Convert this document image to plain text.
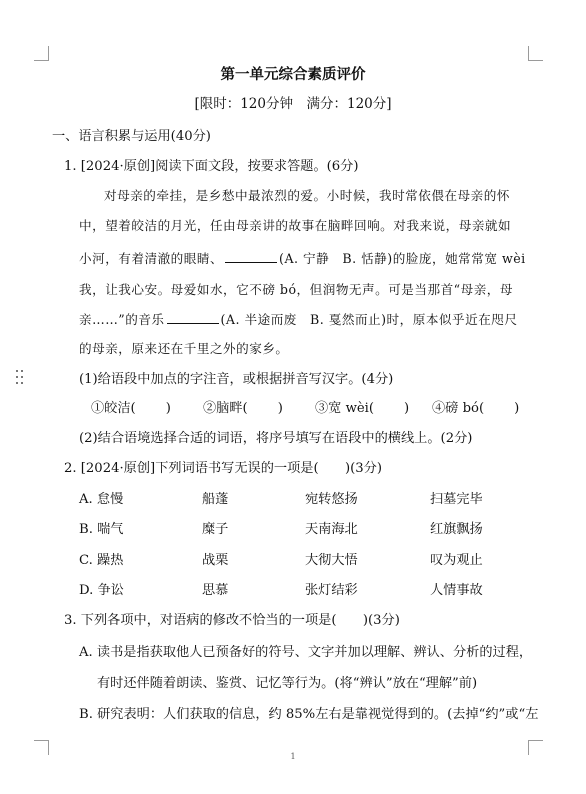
第一单元综合素质评价
[限时：120分钟　满分：120分]
一、语言积累与运用(40分)
1. [2024·原创]阅读下面文段，按要求答题。(6分)
对母亲的牵挂，是乡愁中最浓烈的爱。小时候，我时常依偎在母亲的怀
中，望着皎洁的月光，任由母亲讲的故事在脑畔回响。对我来说，母亲就如
小河，有着清澈的眼睛、	(A. 宁静　B. 恬静)的脸庞，她常常宽 wèi
我，让我心安。母爱如水，它不磅 bó，但润物无声。可是当那首“母亲，母
亲……”的音乐	(A. 半途而废　B. 戛然而止)时，原本似乎近在咫尺
的母亲，原来还在千里之外的家乡。
(1)给语段中加点的字注音，或根据拼音写汉字。(4分)
①皎洁( ) ②脑畔( ) ③宽 wèi( ) ④磅 bó( )
(2)结合语境选择合适的词语，将序号填写在语段中的横线上。(2分)
2. [2024·原创]下列词语书写无误的一项是(　　)(3分)
A. 怠慢	船蓬	宛转悠扬	扫墓完毕
B. 喘气	糜子	天南海北	红旗飘扬
C. 躁热	战栗	大彻大悟	叹为观止
D. 争讼	思慕	张灯结彩	人情事故
3. 下列各项中，对语病的修改不恰当的一项是(　　)(3分)
A. 读书是指获取他人已预备好的符号、文字并加以理解、辨认、分析的过程，
有时还伴随着朗读、鉴赏、记忆等行为。(将“辨认”放在“理解”前)
B. 研究表明：人们获取的信息，约 85%左右是靠视觉得到的。(去掉“约”或“左
1
